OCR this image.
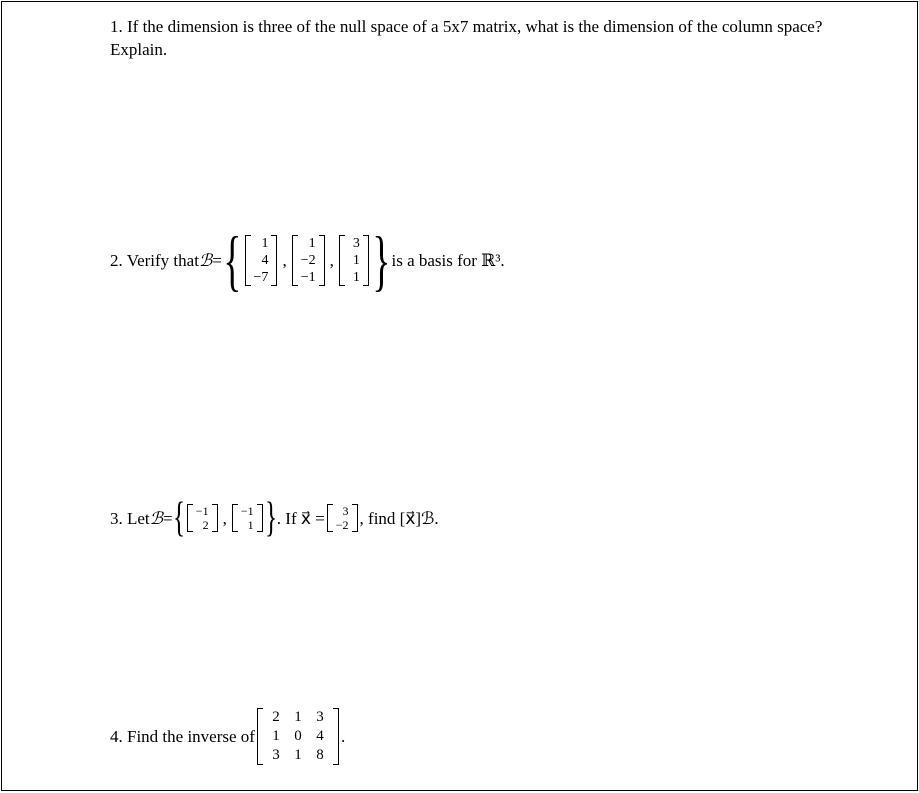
1. If the dimension is three of the null space of a 5x7 matrix, what is the dimension of the column space? Explain.
2. Verify that ℬ = {	1
4
−7
,
1
−2
−1
,
3
1
1 } is a basis for ℝ³.
3. Let ℬ = { −1
2 , −1
1 } . If x⃗ =	3
−2 , find [x⃗]ℬ.
4. Find the inverse of
2 1 3
1 0 4
3 1 8
.
